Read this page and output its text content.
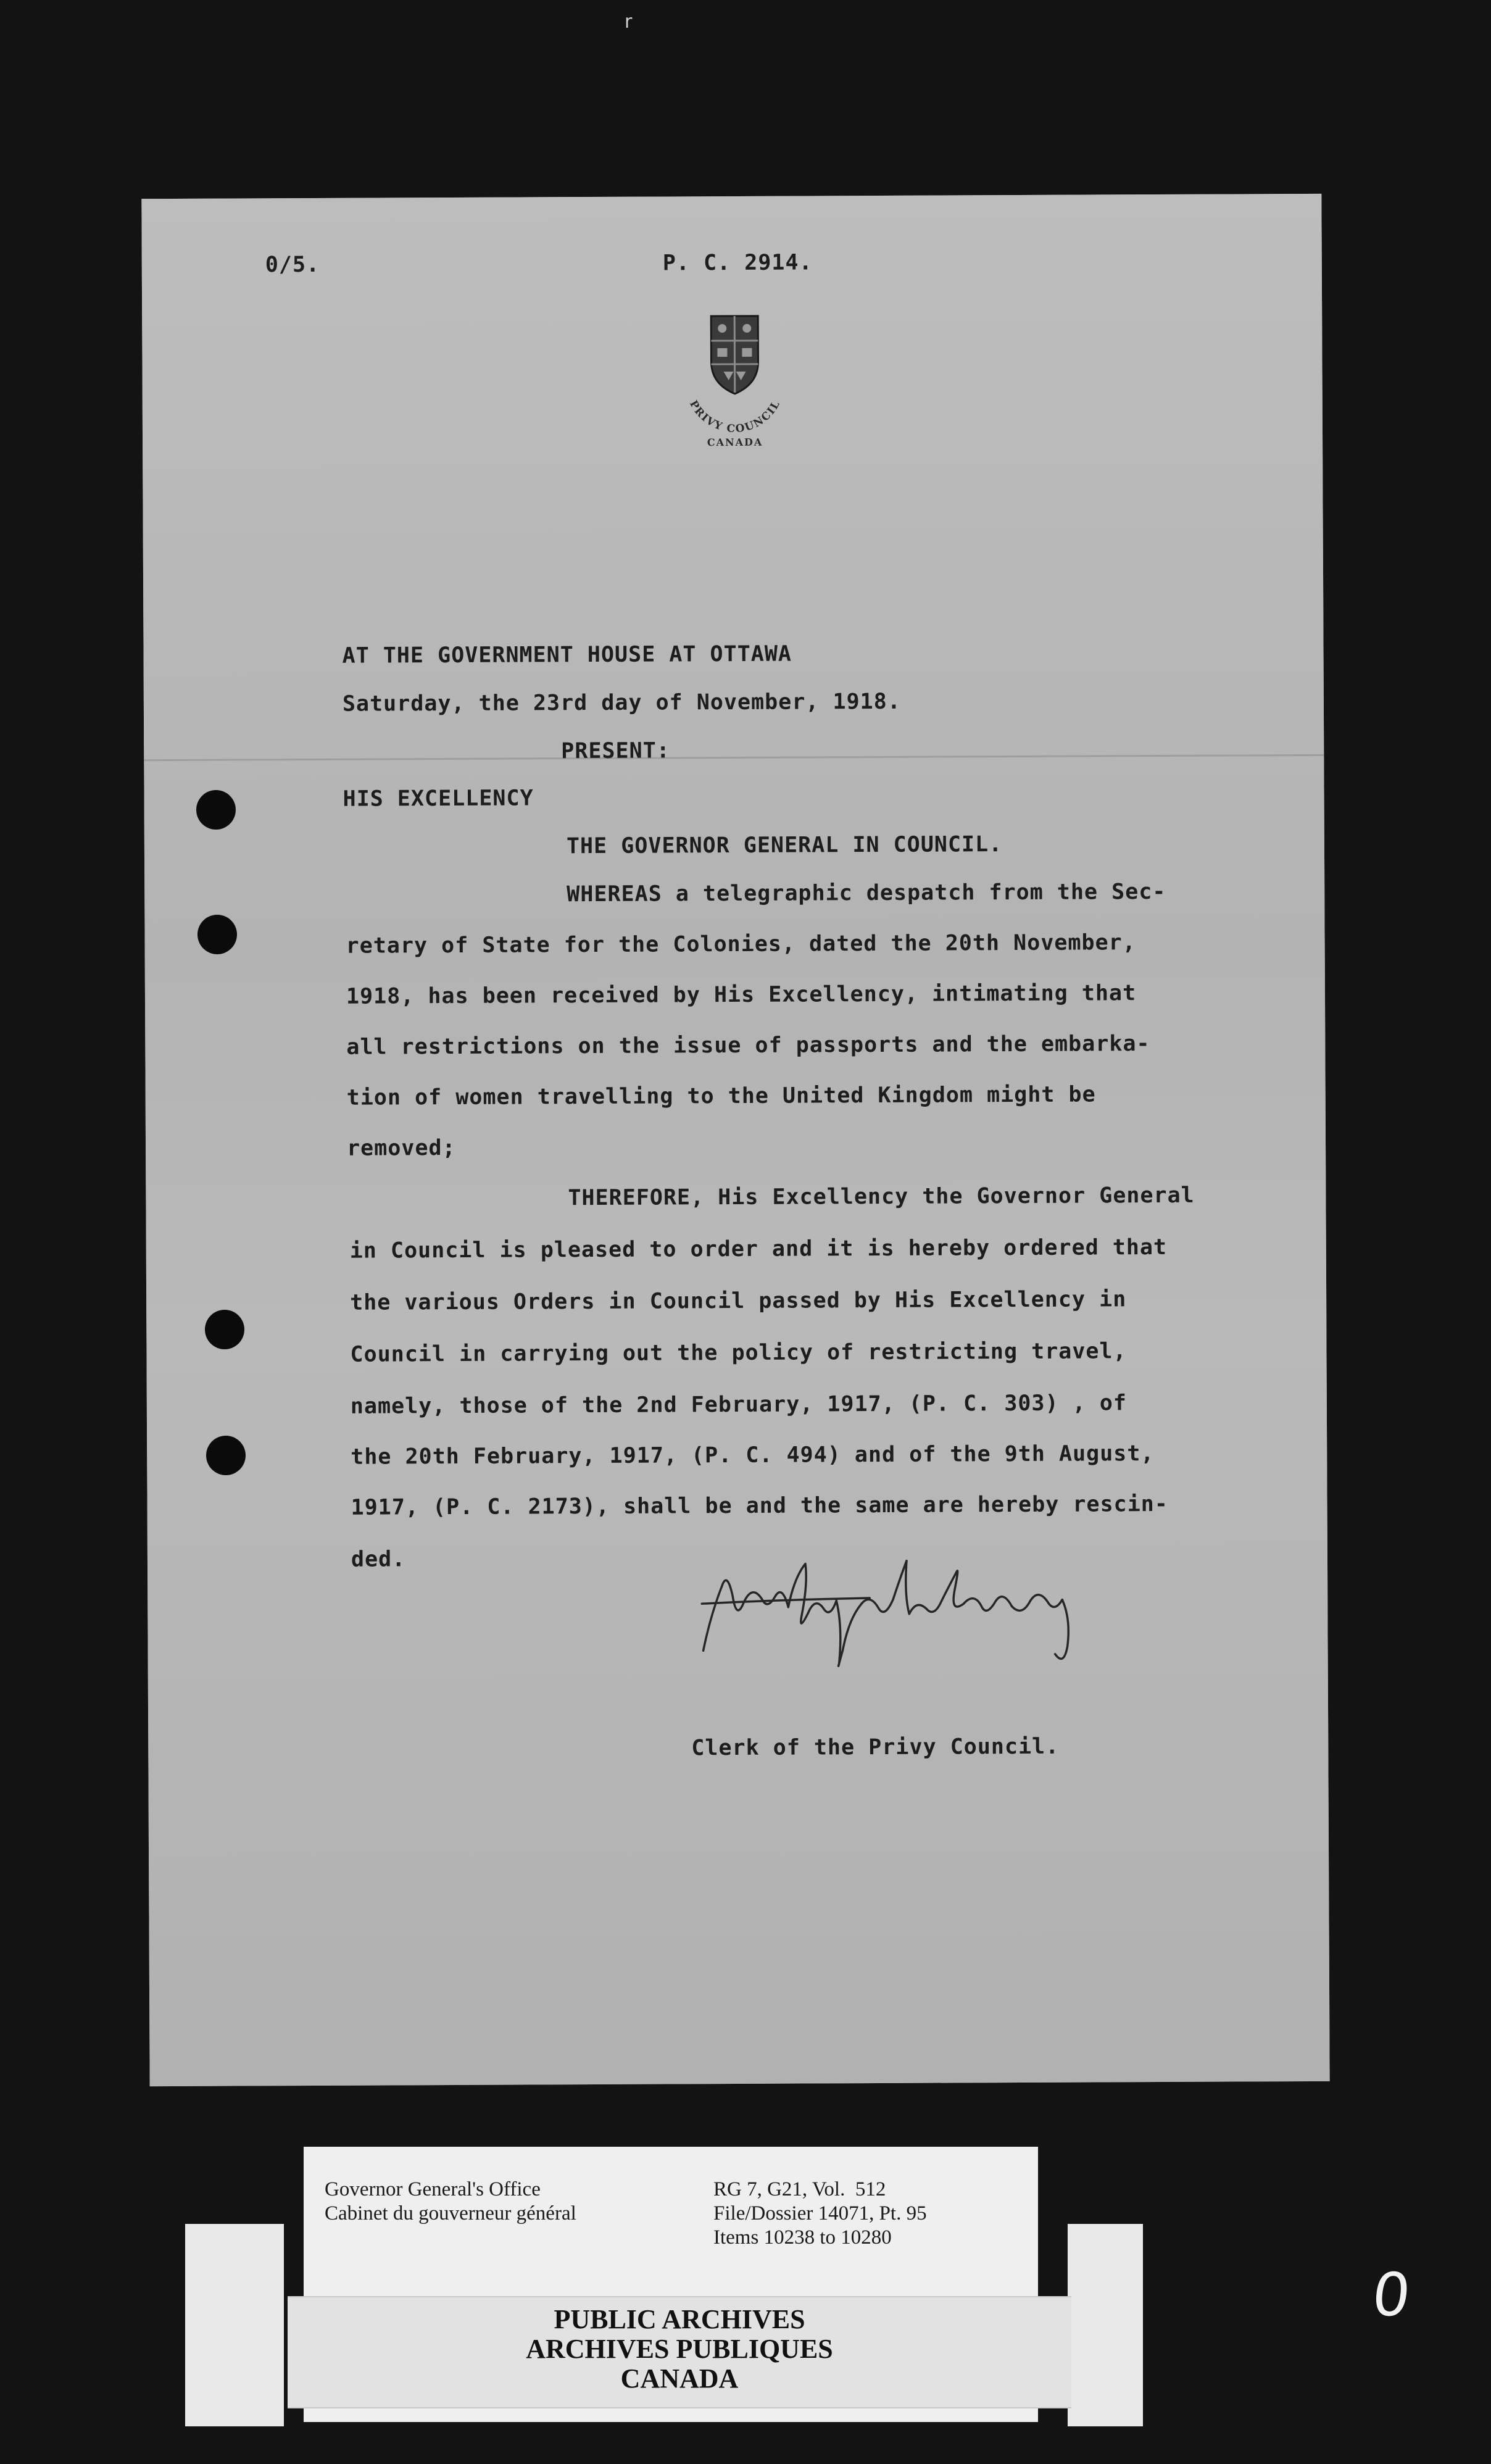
r
0/5.	P. C. 2914.
PRIVY COUNCIL
CANADA
AT THE GOVERNMENT HOUSE AT OTTAWA
Saturday, the 23rd day of November, 1918.
PRESENT:
HIS EXCELLENCY
THE GOVERNOR GENERAL IN COUNCIL.
WHEREAS a telegraphic despatch from the Sec-
retary of State for the Colonies, dated the 20th November,
1918, has been received by His Excellency, intimating that
all restrictions on the issue of passports and the embarka-
tion of women travelling to the United Kingdom might be
removed;
THEREFORE, His Excellency the Governor General
in Council is pleased to order and it is hereby ordered that
the various Orders in Council passed by His Excellency in
Council in carrying out the policy of restricting travel,
namely, those of the 2nd February, 1917, (P. C. 303) , of
the 20th February, 1917, (P. C. 494) and of the 9th August,
1917, (P. C. 2173), shall be and the same are hereby rescin-
ded.
Clerk of the Privy Council.
Governor General's Office
Cabinet du gouverneur général
RG 7, G21, Vol.  512
File/Dossier 14071, Pt. 95
Items 10238 to 10280
PUBLIC ARCHIVES
ARCHIVES PUBLIQUES
CANADA
0
